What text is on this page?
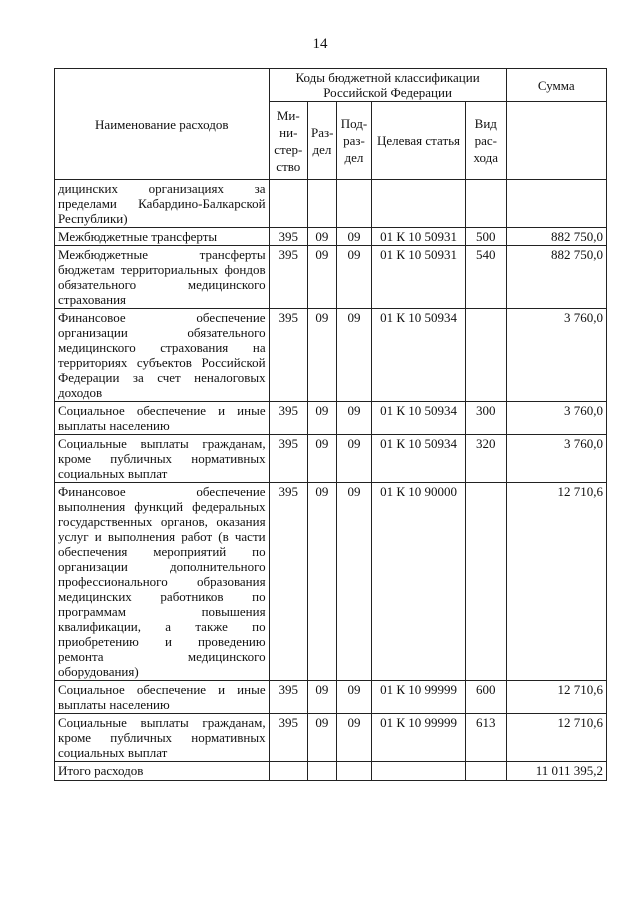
14
Наименование расходов	Коды бюджетной классификации Российской Федерации					Сумма
	Ми-ни-стер-ство	Раз-дел	Под-раз-дел	Целевая статья	Вид рас-хода	
дицинских организациях за пределами Кабардино-Балкарской Республики)						
Межбюджетные трансферты	395	09	09	01 К 10 50931	500	882 750,0
Межбюджетные трансферты бюджетам территориальных фондов обязательного медицинского страхования	395	09	09	01 К 10 50931	540	882 750,0
Финансовое обеспечение организации обязательного медицинского страхования на территориях субъектов Российской Федерации за счет неналоговых доходов	395	09	09	01 К 10 50934		3 760,0
Социальное обеспечение и иные выплаты населению	395	09	09	01 К 10 50934	300	3 760,0
Социальные выплаты гражданам, кроме публичных нормативных социальных выплат	395	09	09	01 К 10 50934	320	3 760,0
Финансовое обеспечение выполнения функций федеральных государственных органов, оказания услуг и выполнения работ (в части обеспечения мероприятий по организации дополнительного профессионального образования медицинских работников по программам повышения квалификации, а также по приобретению и проведению ремонта медицинского оборудования)	395	09	09	01 К 10 90000		12 710,6
Социальное обеспечение и иные выплаты населению	395	09	09	01 К 10 99999	600	12 710,6
Социальные выплаты гражданам, кроме публичных нормативных социальных выплат	395	09	09	01 К 10 99999	613	12 710,6
Итого расходов						11 011 395,2
